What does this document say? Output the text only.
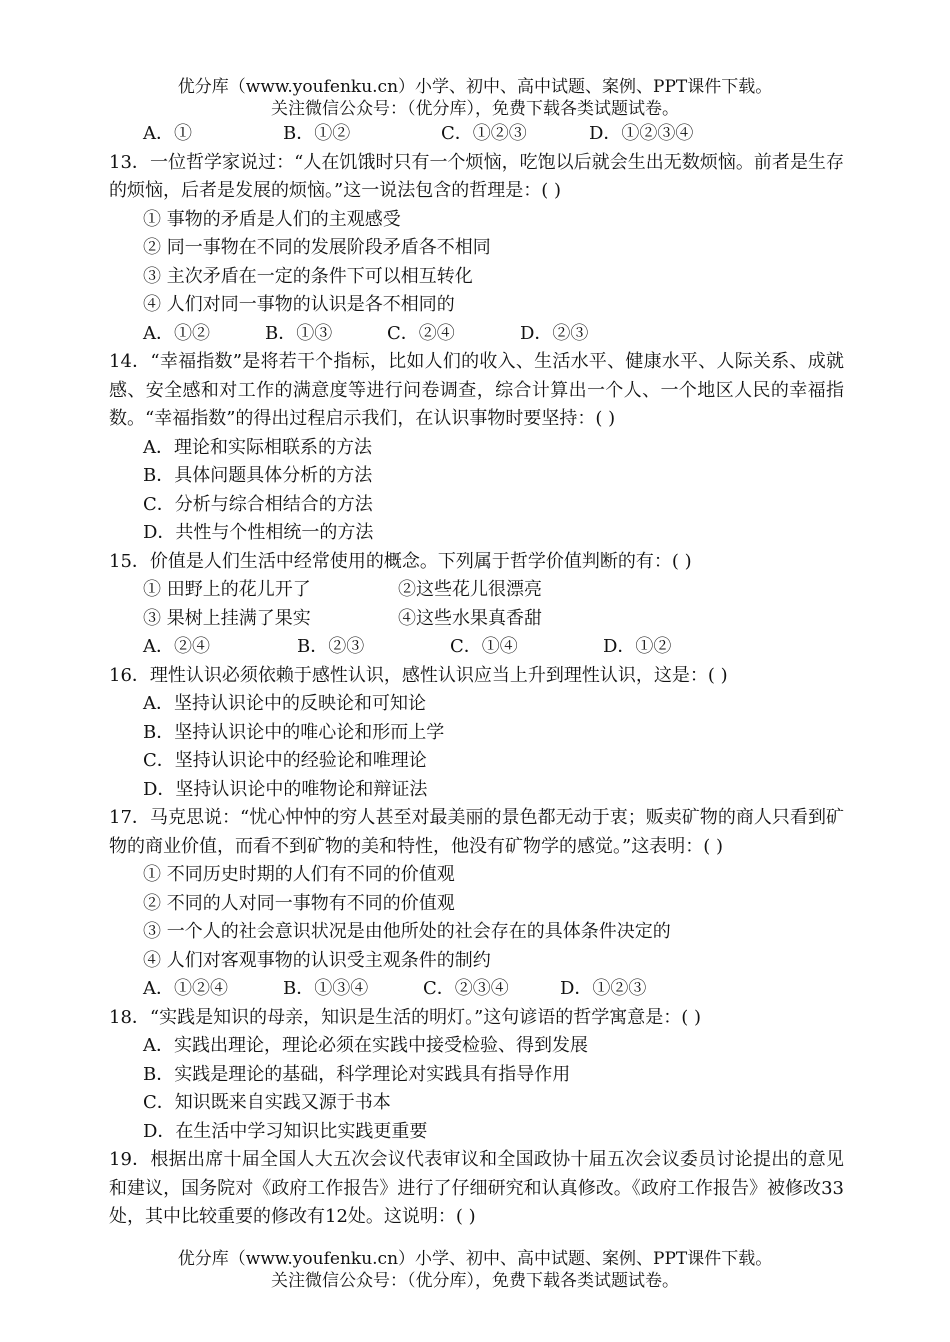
优分库（www.youfenku.cn）小学、初中、高中试题、案例、PPT课件下载。
关注微信公众号：（优分库），免费下载各类试题试卷。
A．①	B．①②	C．①②③	D．①②③④
13．一位哲学家说过：“人在饥饿时只有一个烦恼，吃饱以后就会生出无数烦恼。前者是生存的烦恼，后者是发展的烦恼。”这一说法包含的哲理是：( )
① 事物的矛盾是人们的主观感受
② 同一事物在不同的发展阶段矛盾各不相同
③ 主次矛盾在一定的条件下可以相互转化
④ 人们对同一事物的认识是各不相同的
A．①②	B．①③	C．②④	D．②③
14．“幸福指数”是将若干个指标，比如人们的收入、生活水平、健康水平、人际关系、成就感、安全感和对工作的满意度等进行问卷调查，综合计算出一个人、一个地区人民的幸福指数。“幸福指数”的得出过程启示我们，在认识事物时要坚持：( )
A．理论和实际相联系的方法
B．具体问题具体分析的方法
C．分析与综合相结合的方法
D．共性与个性相统一的方法
15．价值是人们生活中经常使用的概念。下列属于哲学价值判断的有：( )
① 田野上的花儿开了	②这些花儿很漂亮
③ 果树上挂满了果实	④这些水果真香甜
A．②④	B．②③	C．①④	D．①②
16．理性认识必须依赖于感性认识，感性认识应当上升到理性认识，这是：( )
A．坚持认识论中的反映论和可知论
B．坚持认识论中的唯心论和形而上学
C．坚持认识论中的经验论和唯理论
D．坚持认识论中的唯物论和辩证法
17．马克思说：“忧心忡忡的穷人甚至对最美丽的景色都无动于衷；贩卖矿物的商人只看到矿物的商业价值，而看不到矿物的美和特性，他没有矿物学的感觉。”这表明：( )
① 不同历史时期的人们有不同的价值观
② 不同的人对同一事物有不同的价值观
③ 一个人的社会意识状况是由他所处的社会存在的具体条件决定的
④ 人们对客观事物的认识受主观条件的制约
A．①②④	B．①③④	C．②③④	D．①②③
18．“实践是知识的母亲，知识是生活的明灯。”这句谚语的哲学寓意是：( )
A．实践出理论，理论必须在实践中接受检验、得到发展
B．实践是理论的基础，科学理论对实践具有指导作用
C．知识既来自实践又源于书本
D．在生活中学习知识比实践更重要
19．根据出席十届全国人大五次会议代表审议和全国政协十届五次会议委员讨论提出的意见和建议，国务院对《政府工作报告》进行了仔细研究和认真修改。《政府工作报告》被修改33处，其中比较重要的修改有12处。这说明：( )
优分库（www.youfenku.cn）小学、初中、高中试题、案例、PPT课件下载。
关注微信公众号：（优分库），免费下载各类试题试卷。
